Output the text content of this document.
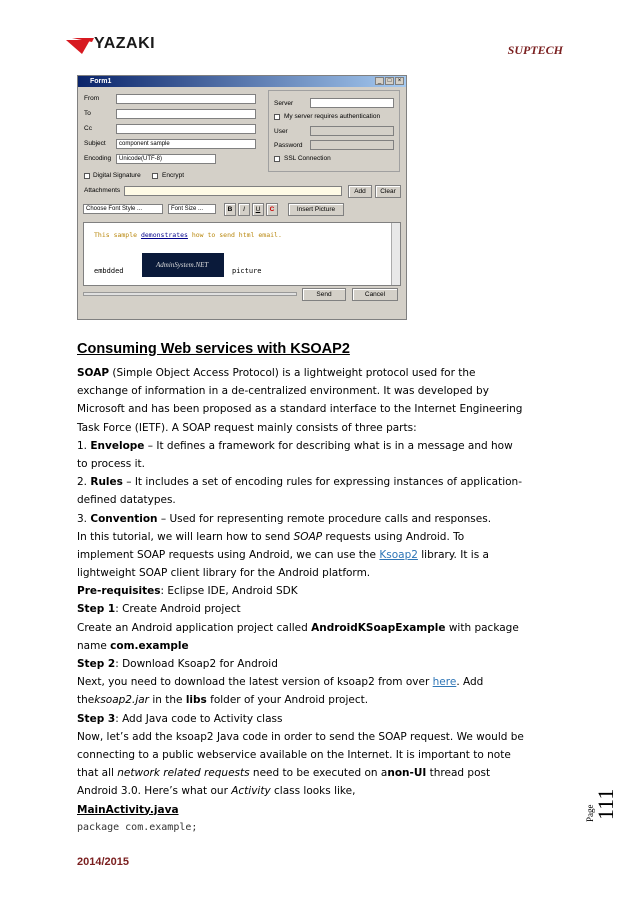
YAZAKI	SUPTECH
Form1	_	□	×
From
To
Cc
Subject	component sample
Encoding	Unicode(UTF-8)
Server
My server requires authentication
User
Password
SSL Connection
Digital Signature	Encrypt
Attachments	Add	Clear
Choose Font Style ...	Font Size ...	B	I	U	C	Insert Picture
This sample demonstrates how to send html email.
embdded
AdminSystem.NET
picture
Send	Cancel
Consuming Web services with KSOAP2
SOAP (Simple Object Access Protocol) is a lightweight protocol used for the
exchange of information in a de-centralized environment. It was developed by
Microsoft and has been proposed as a standard interface to the Internet Engineering
Task Force (IETF). A SOAP request mainly consists of three parts:
1. Envelope – It defines a framework for describing what is in a message and how
to process it.
2. Rules – It includes a set of encoding rules for expressing instances of application-
defined datatypes.
3. Convention – Used for representing remote procedure calls and responses.
In this tutorial, we will learn how to send SOAP requests using Android. To
implement SOAP requests using Android, we can use the Ksoap2 library. It is a
lightweight SOAP client library for the Android platform.
Pre-requisites: Eclipse IDE, Android SDK
Step 1: Create Android project
Create an Android application project called AndroidKSoapExample with package
name com.example
Step 2: Download Ksoap2 for Android
Next, you need to download the latest version of ksoap2 from over here. Add
theksoap2.jar in the libs folder of your Android project.
Step 3: Add Java code to Activity class
Now, let’s add the ksoap2 Java code in order to send the SOAP request. We would be
connecting to a public webservice available on the Internet. It is important to note
that all network related requests need to be executed on anon-UI thread post
Android 3.0. Here’s what our Activity class looks like,
MainActivity.java
package com.example;
Page
111
2014/2015
